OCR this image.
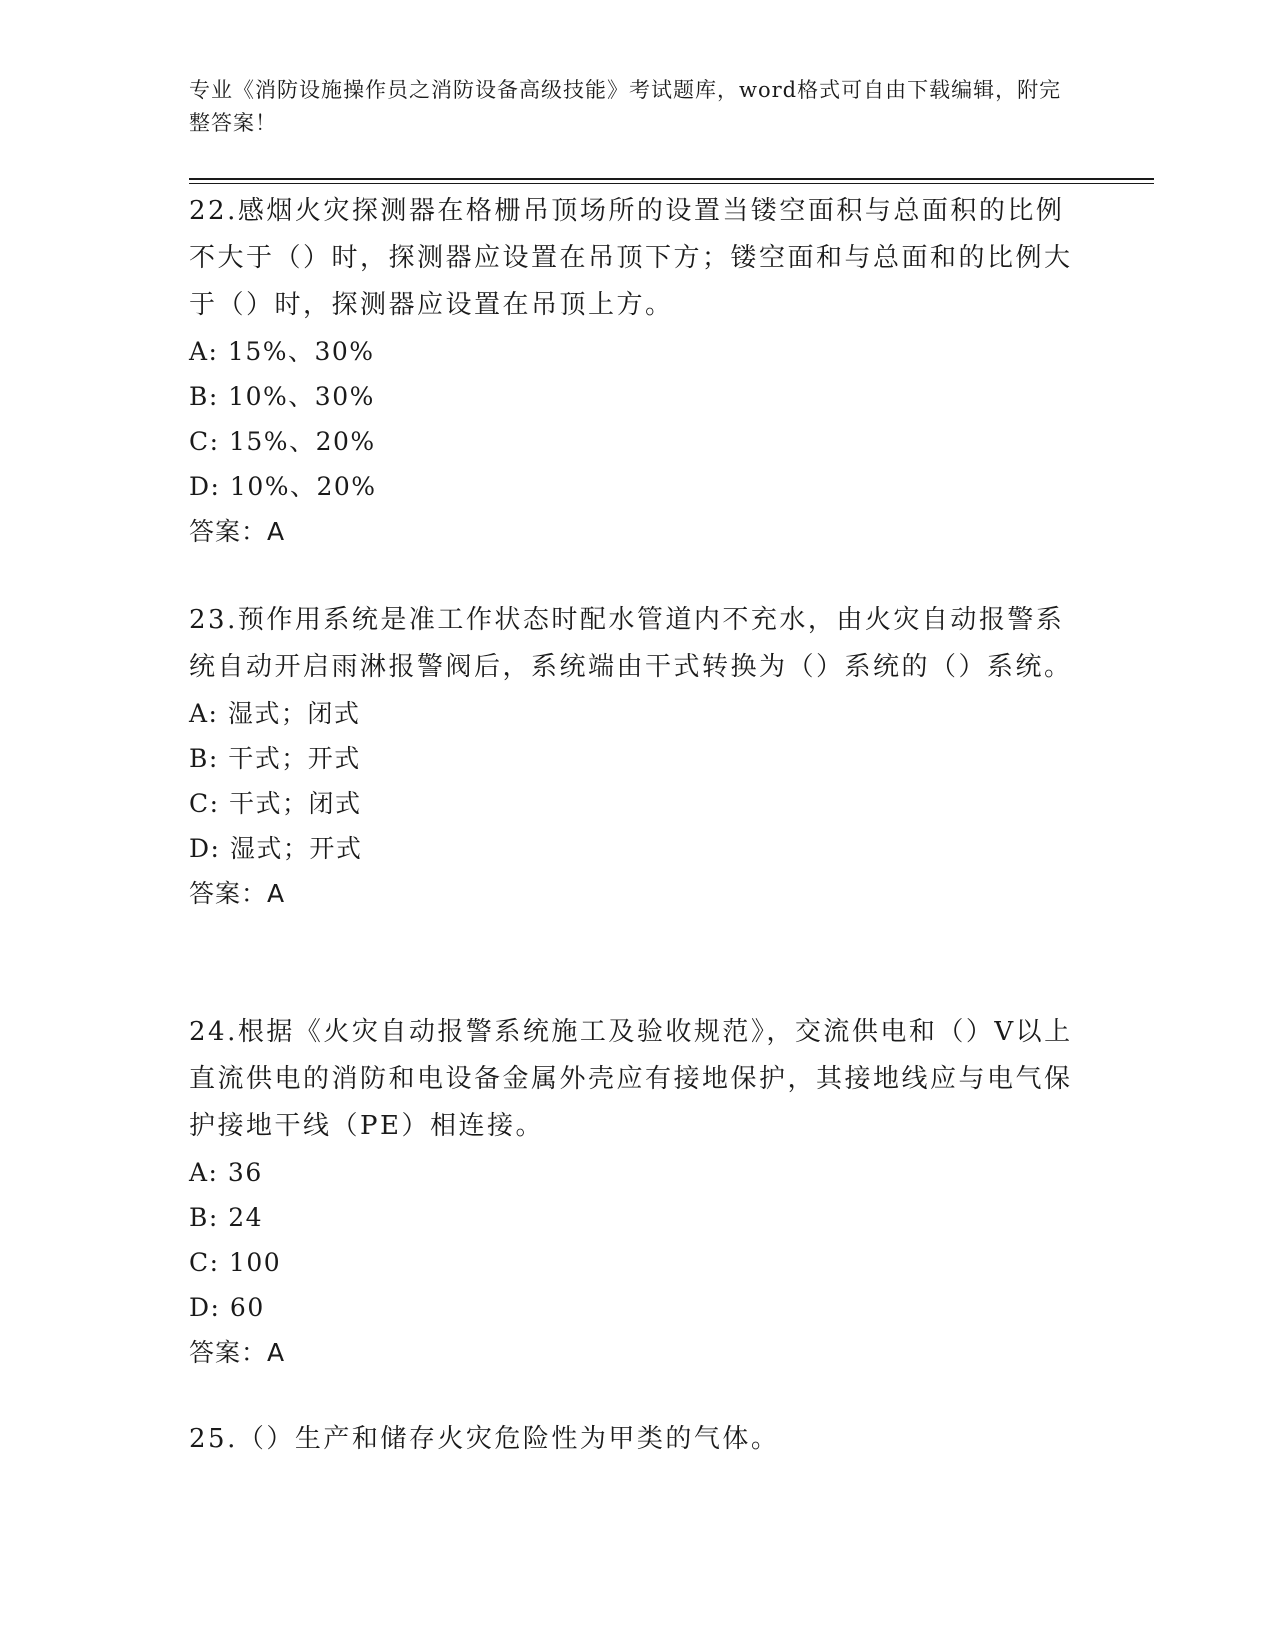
专业《消防设施操作员之消防设备高级技能》考试题库，word格式可自由下载编辑，附完整答案！

22.感烟火灾探测器在格栅吊顶场所的设置当镂空面积与总面积的比例不大于（）时，探测器应设置在吊顶下方；镂空面和与总面和的比例大于（）时，探测器应设置在吊顶上方。

A: 15%、30%

B: 10%、30%

C: 15%、20%

D: 10%、20%

答案：A

23.预作用系统是准工作状态时配水管道内不充水，由火灾自动报警系统自动开启雨淋报警阀后，系统端由干式转换为（）系统的（）系统。

A: 湿式；闭式

B: 干式；开式

C: 干式；闭式

D: 湿式；开式

答案：A

24.根据《火灾自动报警系统施工及验收规范》，交流供电和（）V以上直流供电的消防和电设备金属外壳应有接地保护，其接地线应与电气保护接地干线（PE）相连接。

A: 36

B: 24

C: 100

D: 60

答案：A

25.（）生产和储存火灾危险性为甲类的气体。
